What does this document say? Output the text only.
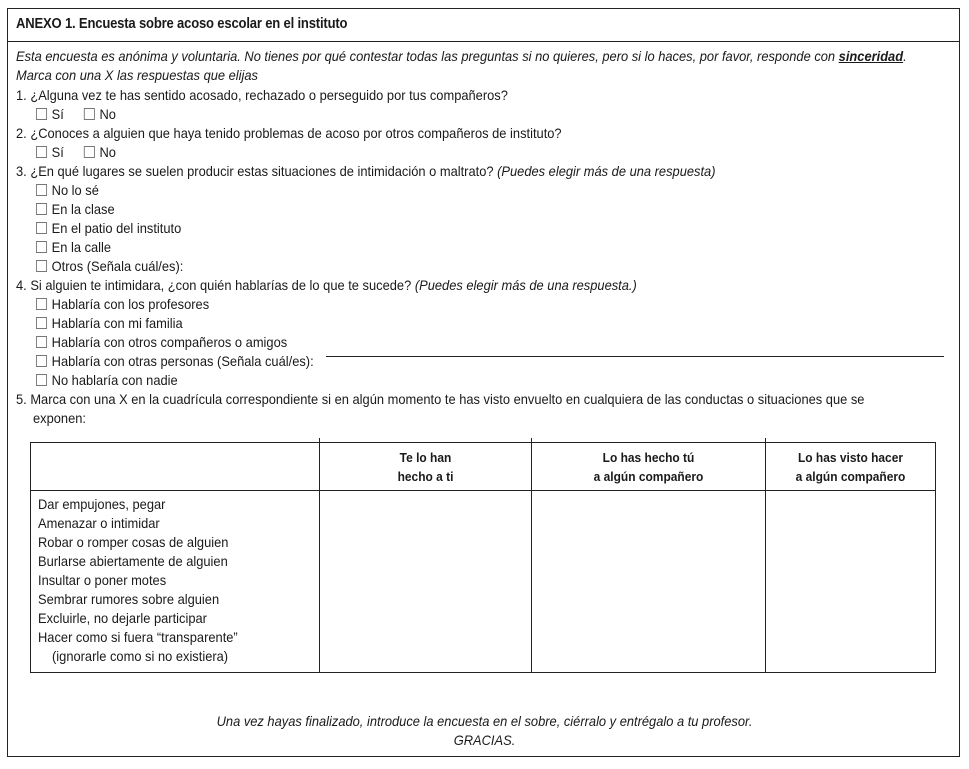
ANEXO 1. Encuesta sobre acoso escolar en el instituto
Esta encuesta es anónima y voluntaria. No tienes por qué contestar todas las preguntas si no quieres, pero si lo haces, por favor, responde con sinceridad.
Marca con una X las respuestas que elijas
1. ¿Alguna vez te has sentido acosado, rechazado o perseguido por tus compañeros?
Sí	No
2. ¿Conoces a alguien que haya tenido problemas de acoso por otros compañeros de instituto?
Sí	No
3. ¿En qué lugares se suelen producir estas situaciones de intimidación o maltrato? (Puedes elegir más de una respuesta)
No lo sé
En la clase
En el patio del instituto
En la calle
Otros (Señala cuál/es):
4. Si alguien te intimidara, ¿con quién hablarías de lo que te sucede? (Puedes elegir más de una respuesta.)
Hablaría con los profesores
Hablaría con mi familia
Hablaría con otros compañeros o amigos
Hablaría con otras personas (Señala cuál/es):
No hablaría con nadie
5. Marca con una X en la cuadrícula correspondiente si en algún momento te has visto envuelto en cualquiera de las conductas o situaciones que se
exponen:
Te lo han
hecho a ti
Lo has hecho tú
a algún compañero
Lo has visto hacer
a algún compañero
Dar empujones, pegar
Amenazar o intimidar
Robar o romper cosas de alguien
Burlarse abiertamente de alguien
Insultar o poner motes
Sembrar rumores sobre alguien
Excluirle, no dejarle participar
Hacer como si fuera “transparente”
(ignorarle como si no existiera)
Una vez hayas finalizado, introduce la encuesta en el sobre, ciérralo y entrégalo a tu profesor.
GRACIAS.
